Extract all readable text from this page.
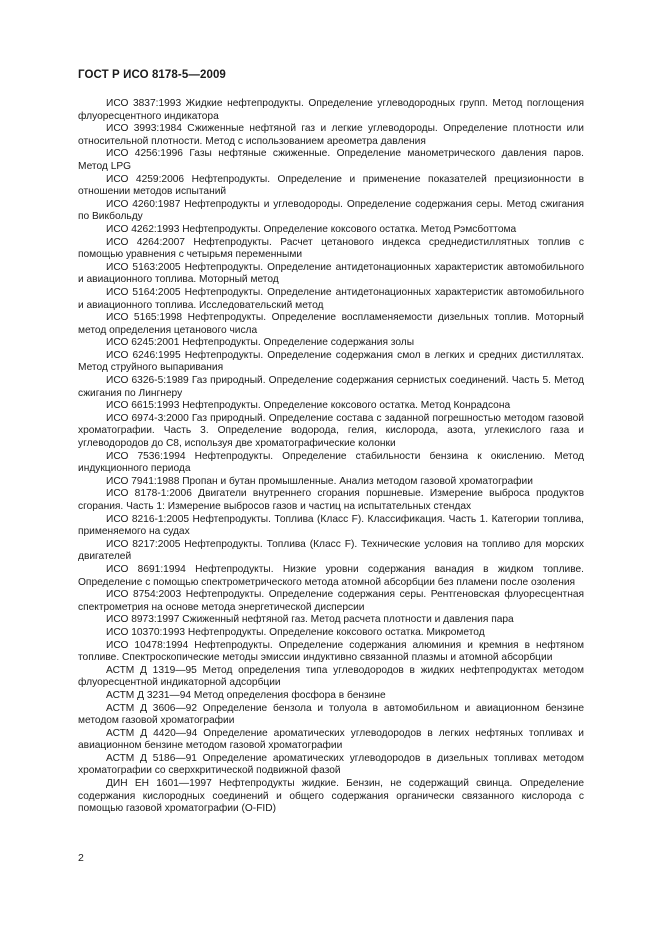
ГОСТ Р ИСО 8178-5—2009

ИСО 3837:1993 Жидкие нефтепродукты. Определение углеводородных групп. Метод поглощения флуоресцентного индикатора

ИСО 3993:1984 Сжиженные нефтяной газ и легкие углеводороды. Определение плотности или относительной плотности. Метод с использованием ареометра давления

ИСО 4256:1996 Газы нефтяные сжиженные. Определение манометрического давления паров. Метод LPG

ИСО 4259:2006 Нефтепродукты. Определение и применение показателей прецизионности в отношении методов испытаний

ИСО 4260:1987 Нефтепродукты и углеводороды. Определение содержания серы. Метод сжигания по Викбольду

ИСО 4262:1993 Нефтепродукты. Определение коксового остатка. Метод Рэмсботтома

ИСО 4264:2007 Нефтепродукты. Расчет цетанового индекса среднедистиллятных топлив с помощью уравнения с четырьмя переменными

ИСО 5163:2005 Нефтепродукты. Определение антидетонационных характеристик автомобильного и авиационного топлива. Моторный метод

ИСО 5164:2005 Нефтепродукты. Определение антидетонационных характеристик автомобильного и авиационного топлива. Исследовательский метод

ИСО 5165:1998 Нефтепродукты. Определение воспламеняемости дизельных топлив. Моторный метод определения цетанового числа

ИСО 6245:2001 Нефтепродукты. Определение содержания золы

ИСО 6246:1995 Нефтепродукты. Определение содержания смол в легких и средних дистиллятах. Метод струйного выпаривания

ИСО 6326-5:1989 Газ природный. Определение содержания сернистых соединений. Часть 5. Метод сжигания по Лингнеру

ИСО 6615:1993 Нефтепродукты. Определение коксового остатка. Метод Конрадсона

ИСО 6974-3:2000 Газ природный. Определение состава с заданной погрешностью методом газовой хроматографии. Часть 3. Определение водорода, гелия, кислорода, азота, углекислого газа и углеводородов до С8, используя две хроматографические колонки

ИСО 7536:1994 Нефтепродукты. Определение стабильности бензина к окислению. Метод индукционного периода

ИСО 7941:1988 Пропан и бутан промышленные. Анализ методом газовой хроматографии

ИСО 8178-1:2006 Двигатели внутреннего сгорания поршневые. Измерение выброса продуктов сгорания. Часть 1: Измерение выбросов газов и частиц на испытательных стендах

ИСО 8216-1:2005 Нефтепродукты. Топлива (Класс F). Классификация. Часть 1. Категории топлива, применяемого на судах

ИСО 8217:2005 Нефтепродукты. Топлива (Класс F). Технические условия на топливо для морских двигателей

ИСО 8691:1994 Нефтепродукты. Низкие уровни содержания ванадия в жидком топливе. Определение с помощью спектрометрического метода атомной абсорбции без пламени после озоления

ИСО 8754:2003 Нефтепродукты. Определение содержания серы. Рентгеновская флуоресцентная спектрометрия на основе метода энергетической дисперсии

ИСО 8973:1997 Сжиженный нефтяной газ. Метод расчета плотности и давления пара

ИСО 10370:1993 Нефтепродукты. Определение коксового остатка. Микрометод

ИСО 10478:1994 Нефтепродукты. Определение содержания алюминия и кремния в нефтяном топливе. Спектроскопические методы эмиссии индуктивно связанной плазмы и атомной абсорбции

АСТМ Д 1319—95 Метод определения типа углеводородов в жидких нефтепродуктах методом флуоресцентной индикаторной адсорбции

АСТМ Д 3231—94 Метод определения фосфора в бензине

АСТМ Д 3606—92 Определение бензола и толуола в автомобильном и авиационном бензине методом газовой хроматографии

АСТМ Д 4420—94 Определение ароматических углеводородов в легких нефтяных топливах и авиационном бензине методом газовой хроматографии

АСТМ Д 5186—91 Определение ароматических углеводородов в дизельных топливах методом хроматографии со сверхкритической подвижной фазой

ДИН ЕН 1601—1997 Нефтепродукты жидкие. Бензин, не содержащий свинца. Определение содержания кислородных соединений и общего содержания органически связанного кислорода с помощью газовой хроматографии (O-FID)

2
